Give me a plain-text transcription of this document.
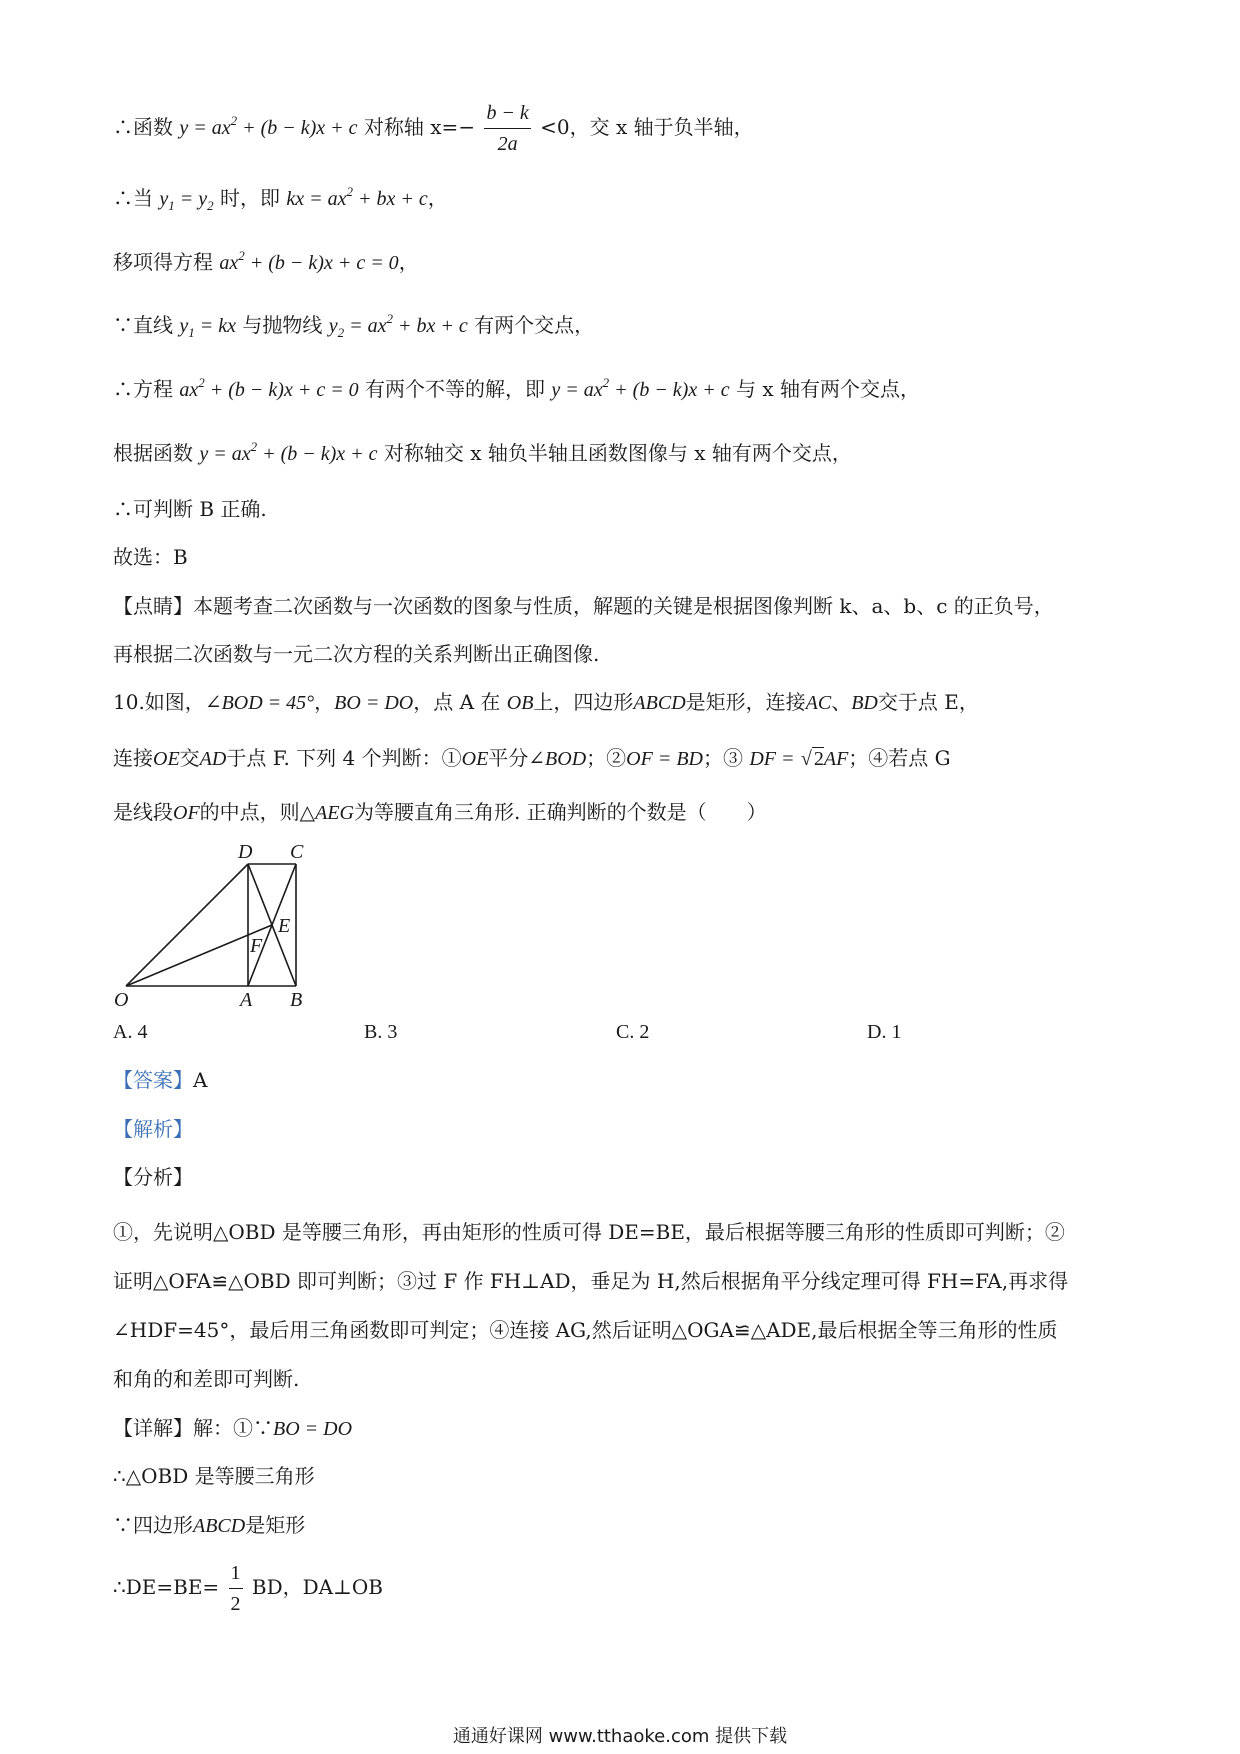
∴函数 $y = ax^2 + (b - k)x + c$ 对称轴 $x=- \frac{b - k}{2a} <0$，交 x 轴于负半轴，
∴当 $y_1 = y_2$ 时，即 kx = $ax^2$ + bx + c，
移项得方程 $ax^2 + (b - k)x + c = 0$，
∵直线 $y_1$ = kx 与抛物线 $y_2 = ax^2$ + bx + c 有两个交点，
∴方程 $ax^2 + (b - k)x + c = 0$ 有两个不等的解，即 $y = ax^2 + (b - k)x + c$ 与 x 轴有两个交点，
根据函数 $y = ax^2 + (b - k)x + c$ 对称轴交 x 轴负半轴且函数图像与 x 轴有两个交点，
∴可判断 B 正确.
故选：B
【点睛】本题考查二次函数与一次函数的图象与性质，解题的关键是根据图像判断 k、a、b、c 的正负号，
再根据二次函数与一元二次方程的关系判断出正确图像.
10.如图，∠BOD = 45°，BO = DO，点 A 在 OB上，四边形ABCD是矩形，连接AC、BD交于点 E，
连接OE交AD于点 F. 下列 4 个判断：①OE平分∠BOD；②OF = BD；③ DF = √ 2AF；④若点 G
是线段OF的中点，则△AEG为等腰直角三角形. 正确判断的个数是（　　）
D C
E
F
O	A B
A. 4	B. 3	C. 2	D. 1
【答案】A
【解析】
【分析】
①，先说明△OBD 是等腰三角形，再由矩形的性质可得 DE=BE，最后根据等腰三角形的性质即可判断；②
证明△OFA≌△OBD 即可判断；③过 F 作 FH⊥AD，垂足为 H,然后根据角平分线定理可得 FH=FA,再求得
∠HDF=45°，最后用三角函数即可判定；④连接 AG,然后证明△OGA≌△ADE,最后根据全等三角形的性质
和角的和差即可判断.
【详解】解：①∵BO = DO
∴△OBD 是等腰三角形
∵四边形ABCD是矩形
∴DE=BE= $\frac{1}{2}$ BD，DA⊥OB
通通好课网 www.tthaoke.com 提供下载
